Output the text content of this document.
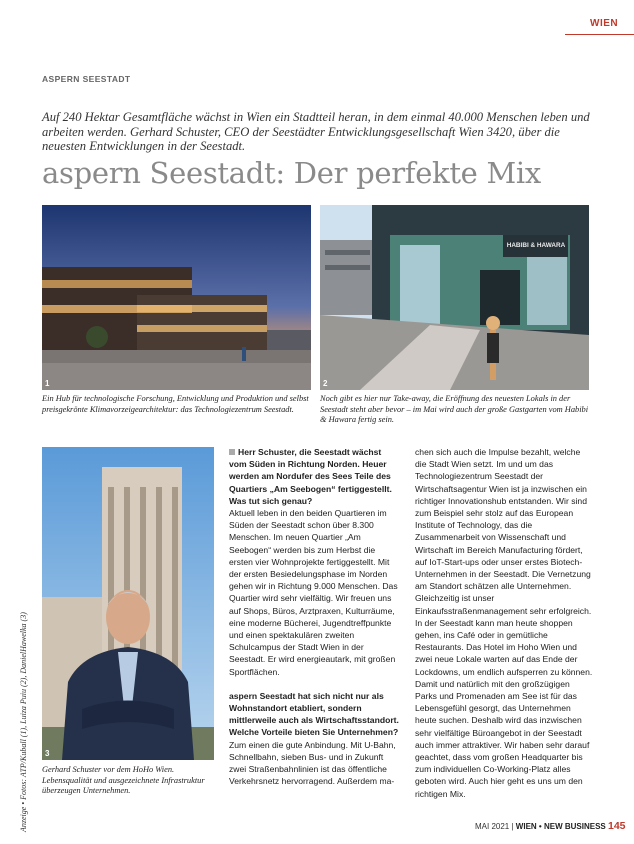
WIEN
ASPERN SEESTADT
Auf 240 Hektar Gesamtfläche wächst in Wien ein Stadtteil heran, in dem einmal 40.000 Menschen leben und arbeiten werden. Gerhard Schuster, CEO der Seestädter Entwicklungsgesellschaft Wien 3420, über die neuesten Entwicklungen in der Seestadt.
aspern Seestadt: Der perfekte Mix
1
HABIBI & HAWARA
2
Ein Hub für technologische Forschung, Entwicklung und Produktion und selbst preisgekrönte Klimavorzeigearchitektur: das Technologiezentrum Seestadt.
Noch gibt es hier nur Take-away, die Eröffnung des neuesten Lokals in der Seestadt steht aber bevor – im Mai wird auch der große Gastgarten vom Habibi & Hawara fertig sein.
3
Gerhard Schuster vor dem HoHo Wien. Lebensqualität und ausgezeichnete Infrastruktur überzeugen Unternehmen.
Anzeige • Fotos: ATP/Kuball (1), Luiza Puiu (2), DanielHawelka (3)

Herr Schuster, die Seestadt wächst vom Süden in Richtung Norden. Heuer werden am Nordufer des Sees Teile des Quartiers „Am Seebogen“ fertiggestellt. Was tut sich genau?

Aktuell leben in den beiden Quartieren im Süden der Seestadt schon über 8.300 Menschen. Im neuen Quartier „Am Seebogen“ werden bis zum Herbst die ersten vier Wohnprojekte fertiggestellt. Mit der ersten Besiedelungsphase im Norden gehen wir in Richtung 9.000 Menschen. Das Quartier wird sehr vielfältig. Wir freuen uns auf Shops, Büros, Arztpraxen, Kulturräume, eine moderne Bücherei, Jugendtreffpunkte und einen spektakulären zweiten Schulcampus der Stadt Wien in der Seestadt. Er wird energieautark, mit großen Sportflächen.

aspern Seestadt hat sich nicht nur als Wohnstandort etabliert, sondern mittlerweile auch als Wirtschaftsstandort. Welche Vorteile bieten Sie Unternehmen?

Zum einen die gute Anbindung. Mit U-Bahn, Schnellbahn, sieben Bus- und in Zukunft zwei Straßenbahnlinien ist das öffentliche Verkehrsnetz hervorragend. Außerdem ma-

chen sich auch die Impulse bezahlt, welche die Stadt Wien setzt. Im und um das Technologiezentrum Seestadt der Wirtschaftsagentur Wien ist ja inzwischen ein richtiger Innovationshub entstanden. Wir sind zum Beispiel sehr stolz auf das European Institute of Technology, das die Zusammenarbeit von Wissenschaft und Wirtschaft im Bereich Manufacturing fördert, auf IoT-Start-ups oder unser erstes Biotech-Unternehmen in der Seestadt. Die Vernetzung am Standort schätzen alle Unternehmen. Gleichzeitig ist unser Einkaufsstraßenmanagement sehr erfolgreich. In der Seestadt kann man heute shoppen gehen, ins Café oder in gemütliche Restaurants. Das Hotel im Hoho Wien und zwei neue Lokale warten auf das Ende der Lockdowns, um endlich aufsperren zu können. Damit und natürlich mit den großzügigen Parks und Promenaden am See ist für das Lebensgefühl gesorgt, das Unternehmen heute suchen. Deshalb wird das inzwischen sehr vielfältige Büroangebot in der Seestadt auch immer attraktiver. Wir haben sehr darauf geachtet, dass vom großen Headquarter bis zum individuellen Co-Working-Platz alles geboten wird. Auch hier geht es uns um den richtigen Mix.

MAI 2021 | WIEN • NEW BUSINESS 145
